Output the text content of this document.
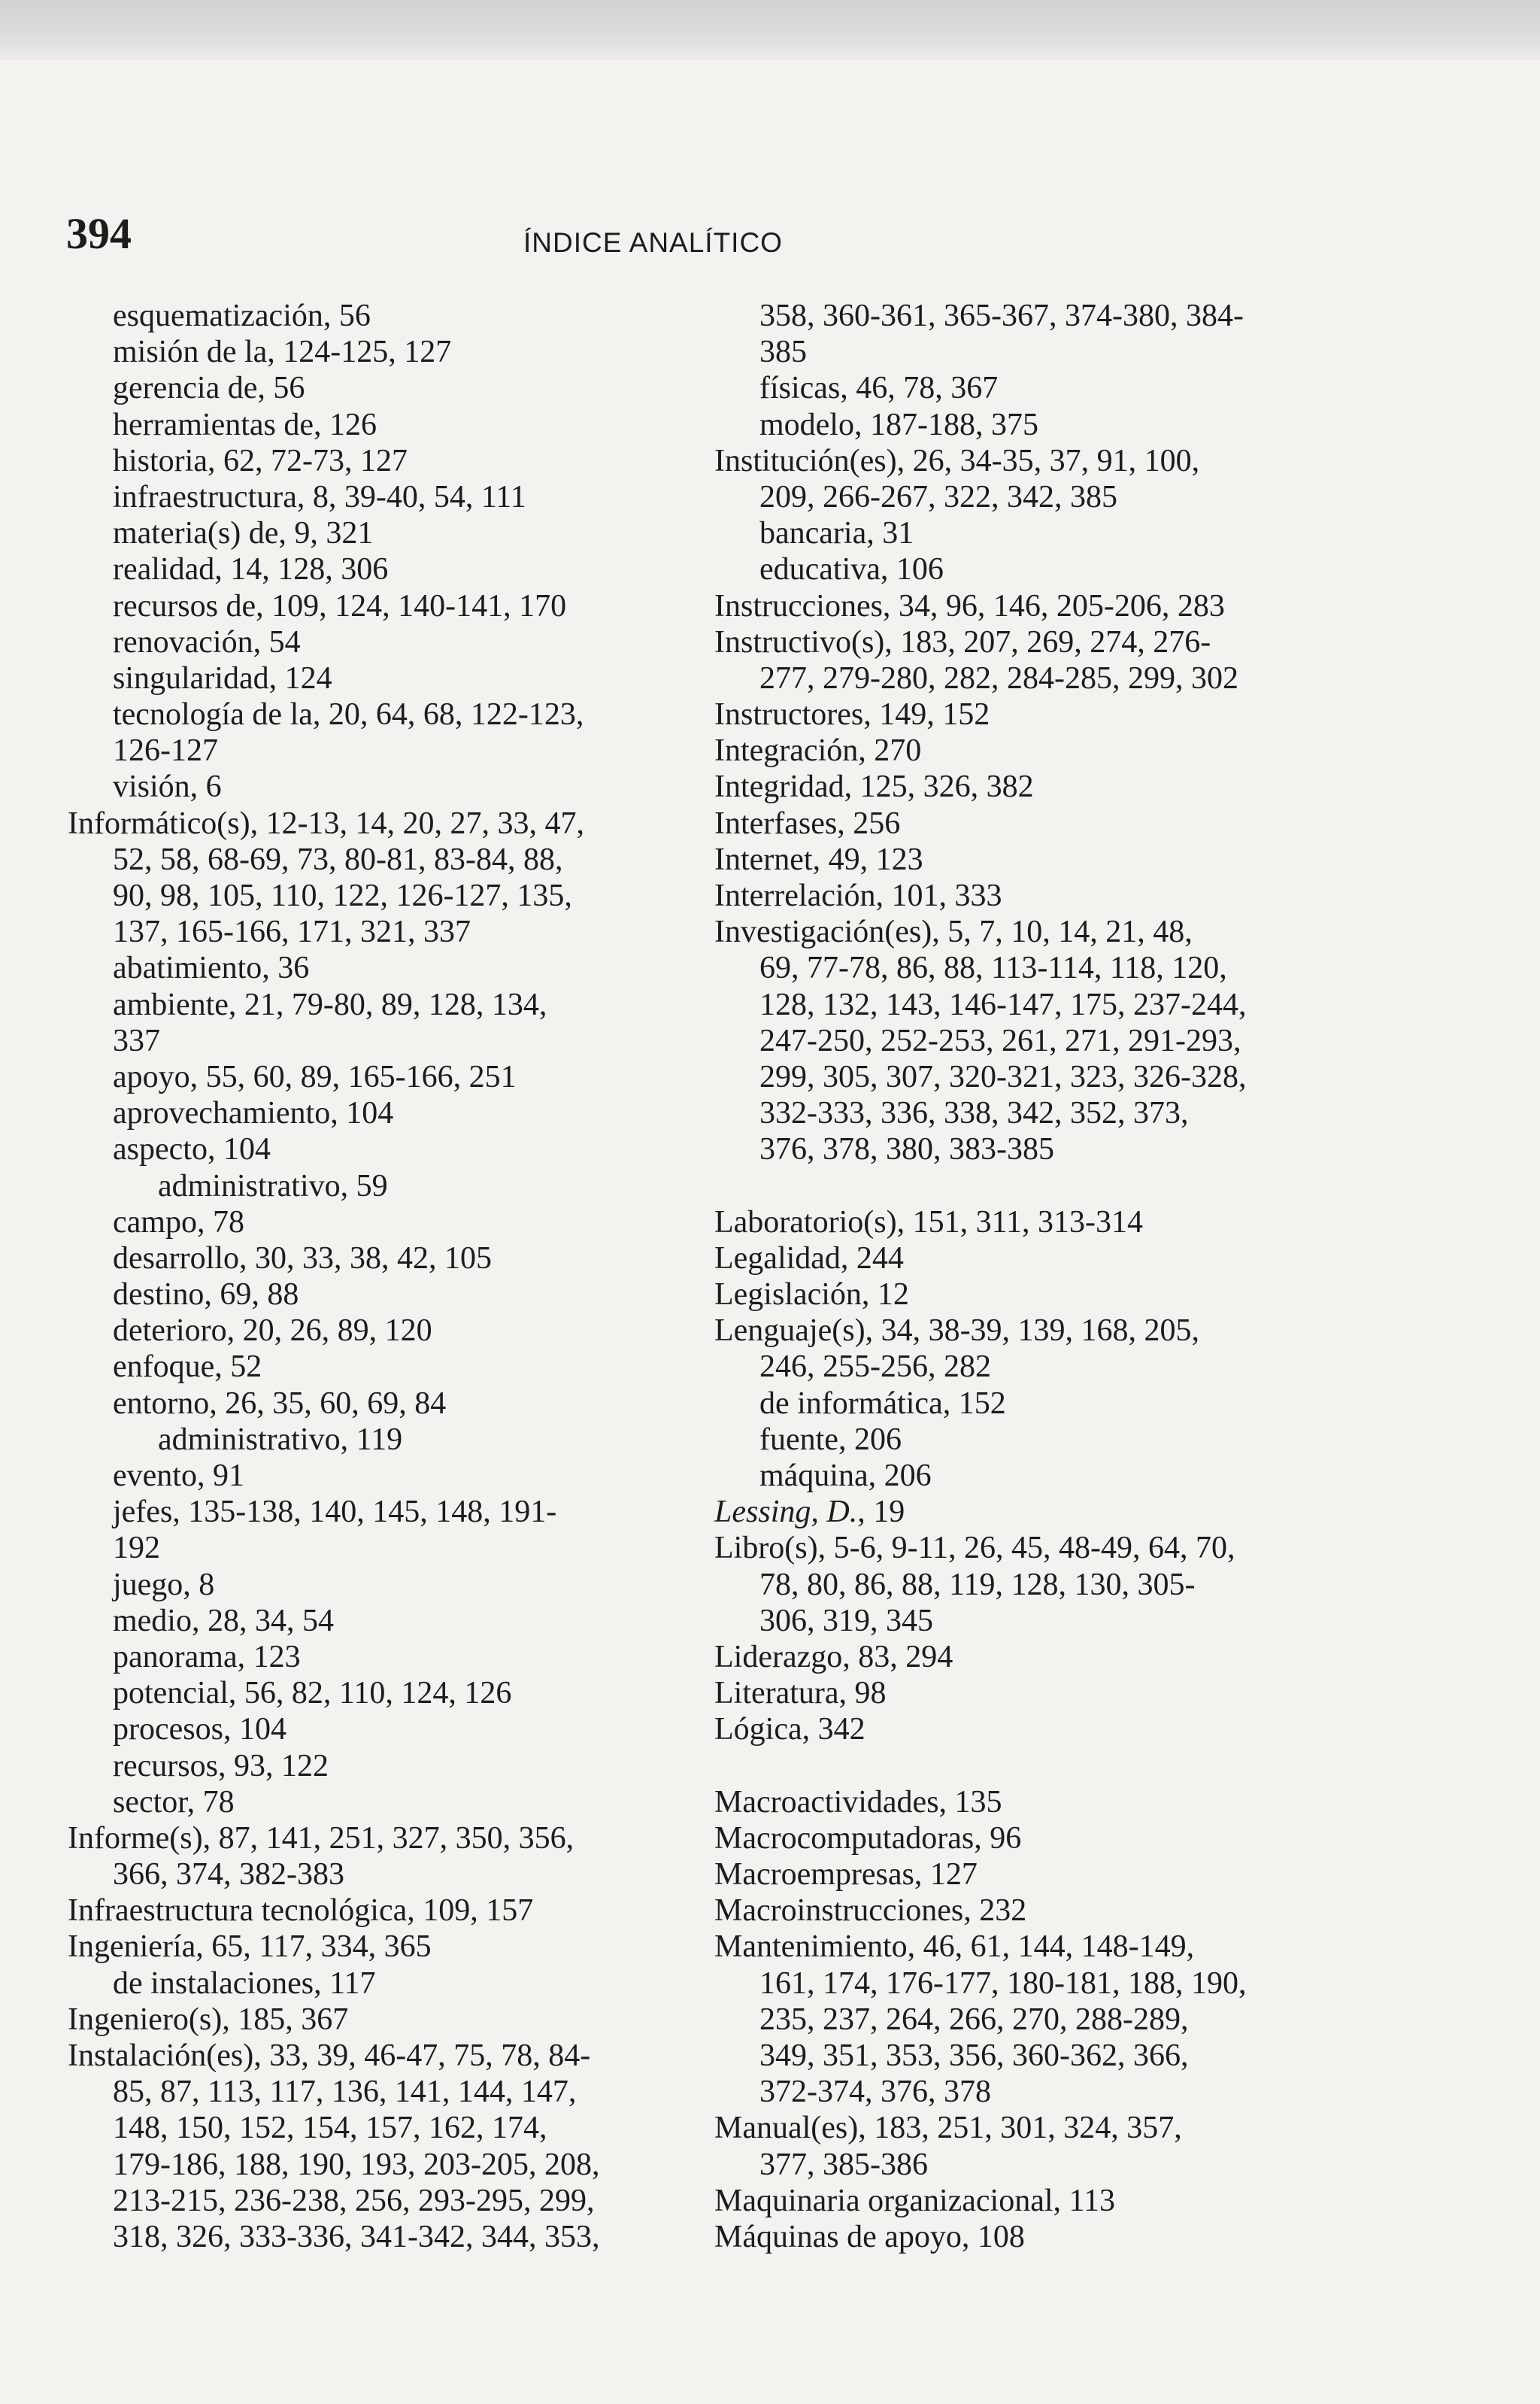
394	ÍNDICE ANALÍTICO
esquematización, 56
misión de la, 124-125, 127
gerencia de, 56
herramientas de, 126
historia, 62, 72-73, 127
infraestructura, 8, 39-40, 54, 111
materia(s) de, 9, 321
realidad, 14, 128, 306
recursos de, 109, 124, 140-141, 170
renovación, 54
singularidad, 124
tecnología de la, 20, 64, 68, 122-123,
126-127
visión, 6
Informático(s), 12-13, 14, 20, 27, 33, 47,
52, 58, 68-69, 73, 80-81, 83-84, 88,
90, 98, 105, 110, 122, 126-127, 135,
137, 165-166, 171, 321, 337
abatimiento, 36
ambiente, 21, 79-80, 89, 128, 134,
337
apoyo, 55, 60, 89, 165-166, 251
aprovechamiento, 104
aspecto, 104
administrativo, 59
campo, 78
desarrollo, 30, 33, 38, 42, 105
destino, 69, 88
deterioro, 20, 26, 89, 120
enfoque, 52
entorno, 26, 35, 60, 69, 84
administrativo, 119
evento, 91
jefes, 135-138, 140, 145, 148, 191-
192
juego, 8
medio, 28, 34, 54
panorama, 123
potencial, 56, 82, 110, 124, 126
procesos, 104
recursos, 93, 122
sector, 78
Informe(s), 87, 141, 251, 327, 350, 356,
366, 374, 382-383
Infraestructura tecnológica, 109, 157
Ingeniería, 65, 117, 334, 365
de instalaciones, 117
Ingeniero(s), 185, 367
Instalación(es), 33, 39, 46-47, 75, 78, 84-
85, 87, 113, 117, 136, 141, 144, 147,
148, 150, 152, 154, 157, 162, 174,
179-186, 188, 190, 193, 203-205, 208,
213-215, 236-238, 256, 293-295, 299,
318, 326, 333-336, 341-342, 344, 353,
358, 360-361, 365-367, 374-380, 384-
385
físicas, 46, 78, 367
modelo, 187-188, 375
Institución(es), 26, 34-35, 37, 91, 100,
209, 266-267, 322, 342, 385
bancaria, 31
educativa, 106
Instrucciones, 34, 96, 146, 205-206, 283
Instructivo(s), 183, 207, 269, 274, 276-
277, 279-280, 282, 284-285, 299, 302
Instructores, 149, 152
Integración, 270
Integridad, 125, 326, 382
Interfases, 256
Internet, 49, 123
Interrelación, 101, 333
Investigación(es), 5, 7, 10, 14, 21, 48,
69, 77-78, 86, 88, 113-114, 118, 120,
128, 132, 143, 146-147, 175, 237-244,
247-250, 252-253, 261, 271, 291-293,
299, 305, 307, 320-321, 323, 326-328,
332-333, 336, 338, 342, 352, 373,
376, 378, 380, 383-385
Laboratorio(s), 151, 311, 313-314
Legalidad, 244
Legislación, 12
Lenguaje(s), 34, 38-39, 139, 168, 205,
246, 255-256, 282
de informática, 152
fuente, 206
máquina, 206
Lessing, D., 19
Libro(s), 5-6, 9-11, 26, 45, 48-49, 64, 70,
78, 80, 86, 88, 119, 128, 130, 305-
306, 319, 345
Liderazgo, 83, 294
Literatura, 98
Lógica, 342
Macroactividades, 135
Macrocomputadoras, 96
Macroempresas, 127
Macroinstrucciones, 232
Mantenimiento, 46, 61, 144, 148-149,
161, 174, 176-177, 180-181, 188, 190,
235, 237, 264, 266, 270, 288-289,
349, 351, 353, 356, 360-362, 366,
372-374, 376, 378
Manual(es), 183, 251, 301, 324, 357,
377, 385-386
Maquinaria organizacional, 113
Máquinas de apoyo, 108
